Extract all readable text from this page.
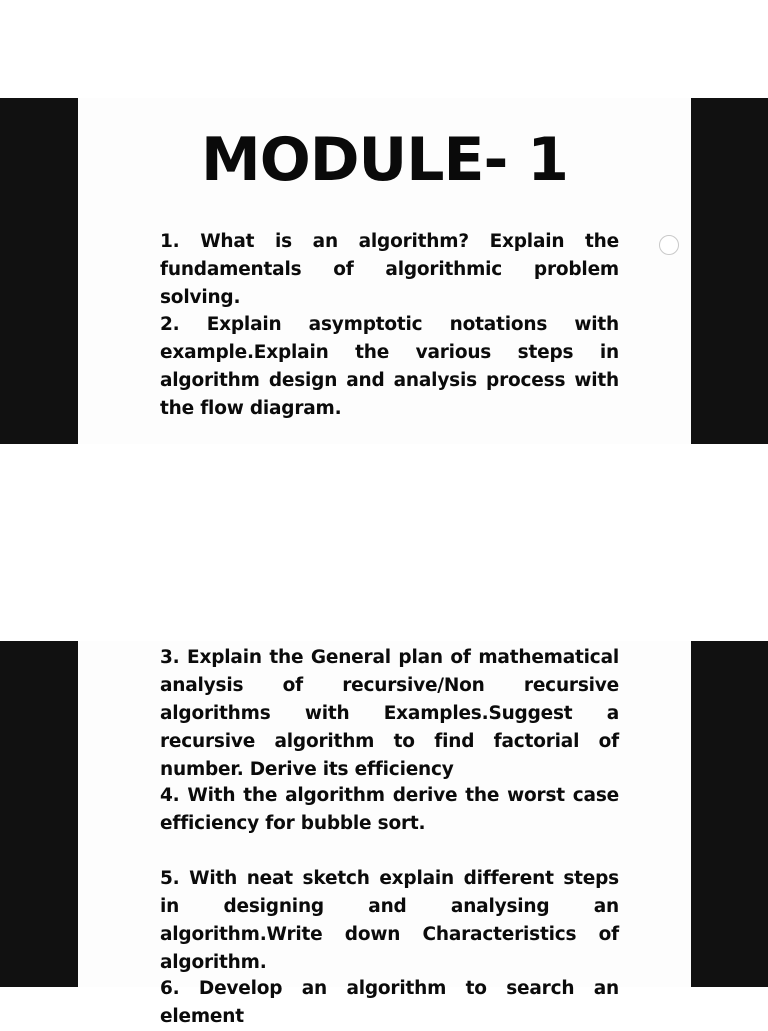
MODULE- 1

1. What is an algorithm? Explain the fundamentals of algorithmic problem solving.

2. Explain asymptotic notations with example.Explain the various steps in algorithm design and analysis process with the flow diagram.

3. Explain the General plan of mathematical analysis of recursive/Non recursive algorithms with Examples.Suggest a recursive algorithm to find factorial of number. Derive its efficiency

4. With the algorithm derive the worst case efficiency for bubble sort.

5. With neat sketch explain different steps in designing and analysing an algorithm.Write down Characteristics of algorithm.

6. Develop an algorithm to search an element
